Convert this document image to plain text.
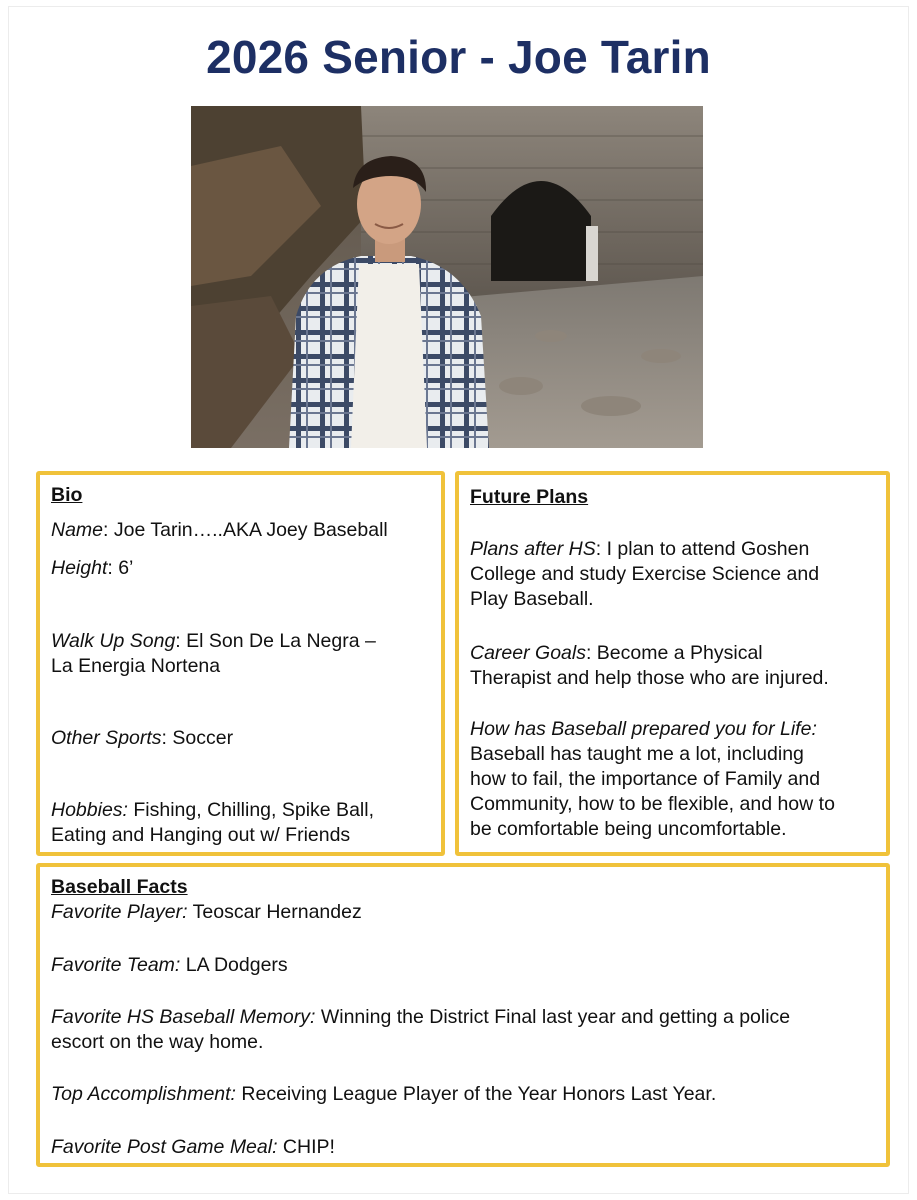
2026 Senior - Joe Tarin
Bio
Name: Joe Tarin…..AKA Joey Baseball
Height: 6’
Walk Up Song: El Son De La Negra –
La Energia Nortena
Other Sports: Soccer
Hobbies: Fishing, Chilling, Spike Ball,
Eating and Hanging out w/ Friends
Future Plans
Plans after HS: I plan to attend Goshen
College and study Exercise Science and
Play Baseball.
Career Goals: Become a Physical
Therapist and help those who are injured.
How has Baseball prepared you for Life:
Baseball has taught me a lot, including
how to fail, the importance of Family and
Community, how to be flexible, and how to
be comfortable being uncomfortable.
Baseball Facts
Favorite Player: Teoscar Hernandez
Favorite Team: LA Dodgers
Favorite HS Baseball Memory: Winning the District Final last year and getting a police
escort on the way home.
Top Accomplishment: Receiving League Player of the Year Honors Last Year.
Favorite Post Game Meal: CHIP!
